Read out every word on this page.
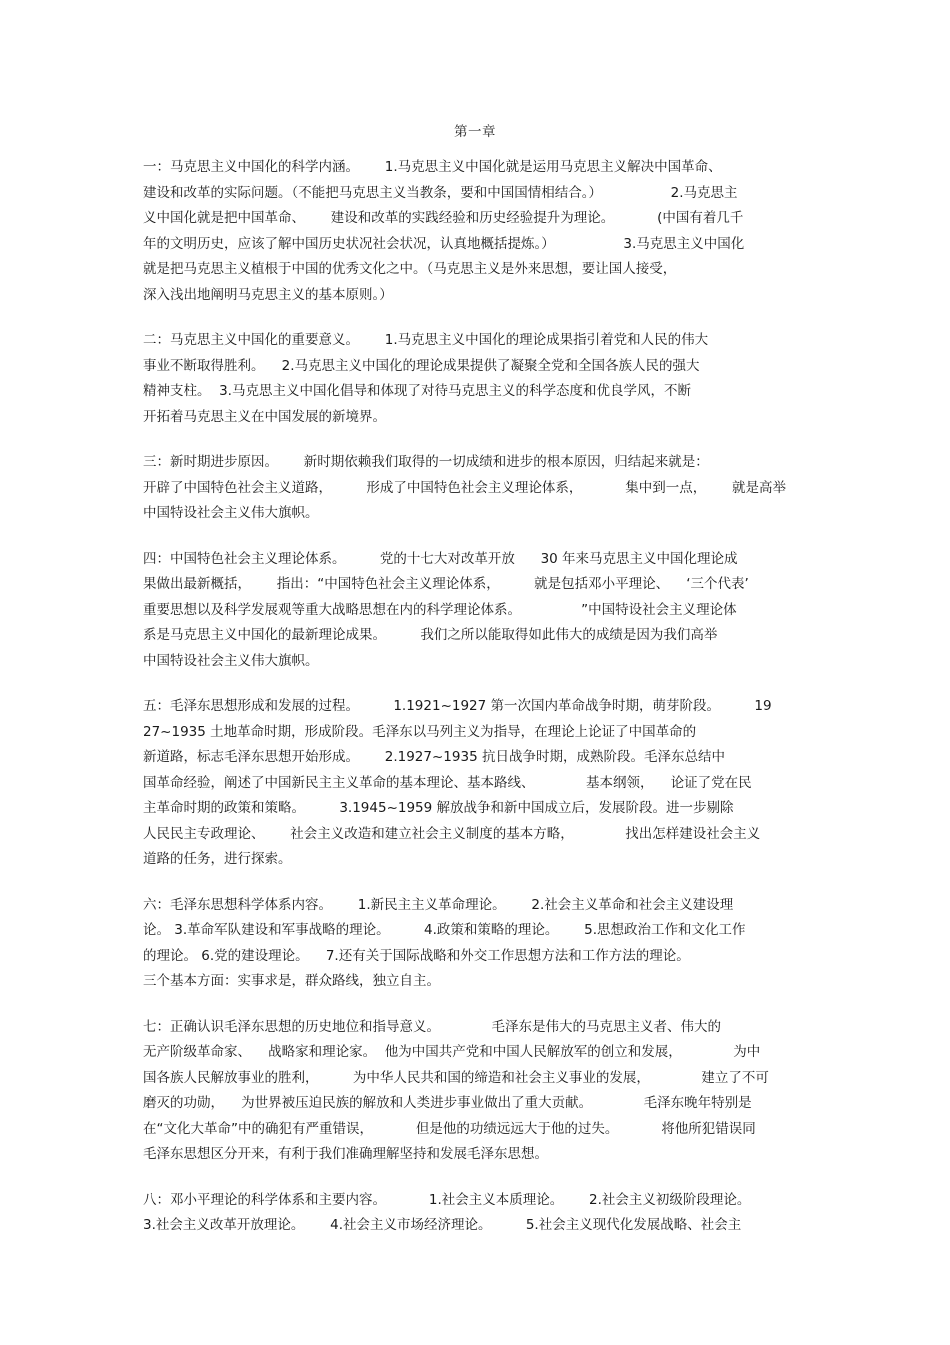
第一章
一：马克思主义中国化的科学内涵。      1.马克思主义中国化就是运用马克思主义解决中国革命、
建设和改革的实际问题。（不能把马克思主义当教条，要和中国国情相结合。）                2.马克思主
义中国化就是把中国革命、      建设和改革的实践经验和历史经验提升为理论。          (中国有着几千
年的文明历史，应该了解中国历史状况社会状况，认真地概括提炼。）                3.马克思主义中国化
就是把马克思主义植根于中国的优秀文化之中。（马克思主义是外来思想，要让国人接受，
深入浅出地阐明马克思主义的基本原则。）
二：马克思主义中国化的重要意义。      1.马克思主义中国化的理论成果指引着党和人民的伟大
事业不断取得胜利。    2.马克思主义中国化的理论成果提供了凝聚全党和全国各族人民的强大
精神支柱。  3.马克思主义中国化倡导和体现了对待马克思主义的科学态度和优良学风，不断
开拓着马克思主义在中国发展的新境界。
三：新时期进步原因。      新时期依赖我们取得的一切成绩和进步的根本原因，归结起来就是：
开辟了中国特色社会主义道路，        形成了中国特色社会主义理论体系，          集中到一点，      就是高举
中国特设社会主义伟大旗帜。
四：中国特色社会主义理论体系。        党的十七大对改革开放      30 年来马克思主义中国化理论成
果做出最新概括，      指出：“中国特色社会主义理论体系，        就是包括邓小平理论、    ‘三个代表’
重要思想以及科学发展观等重大战略思想在内的科学理论体系。              ”中国特设社会主义理论体
系是马克思主义中国化的最新理论成果。        我们之所以能取得如此伟大的成绩是因为我们高举
中国特设社会主义伟大旗帜。
五：毛泽东思想形成和发展的过程。        1.1921~1927 第一次国内革命战争时期，萌芽阶段。        19
27~1935 土地革命时期，形成阶段。毛泽东以马列主义为指导，在理论上论证了中国革命的
新道路，标志毛泽东思想开始形成。      2.1927~1935 抗日战争时期，成熟阶段。毛泽东总结中
国革命经验，阐述了中国新民主主义革命的基本理论、基本路线、            基本纲领，    论证了党在民
主革命时期的政策和策略。        3.1945~1959 解放战争和新中国成立后，发展阶段。进一步剔除
人民民主专政理论、      社会主义改造和建立社会主义制度的基本方略，            找出怎样建设社会主义
道路的任务，进行探索。
六：毛泽东思想科学体系内容。      1.新民主主义革命理论。      2.社会主义革命和社会主义建设理
论。 3.革命军队建设和军事战略的理论。        4.政策和策略的理论。      5.思想政治工作和文化工作
的理论。 6.党的建设理论。    7.还有关于国际战略和外交工作思想方法和工作方法的理论。
三个基本方面：实事求是，群众路线，独立自主。
七：正确认识毛泽东思想的历史地位和指导意义。            毛泽东是伟大的马克思主义者、伟大的
无产阶级革命家、    战略家和理论家。  他为中国共产党和中国人民解放军的创立和发展，            为中
国各族人民解放事业的胜利，        为中华人民共和国的缔造和社会主义事业的发展，            建立了不可
磨灭的功勋，    为世界被压迫民族的解放和人类进步事业做出了重大贡献。            毛泽东晚年特别是
在“文化大革命”中的确犯有严重错误，          但是他的功绩远远大于他的过失。          将他所犯错误同
毛泽东思想区分开来，有利于我们准确理解坚持和发展毛泽东思想。
八：邓小平理论的科学体系和主要内容。          1.社会主义本质理论。      2.社会主义初级阶段理论。
3.社会主义改革开放理论。      4.社会主义市场经济理论。        5.社会主义现代化发展战略、社会主
